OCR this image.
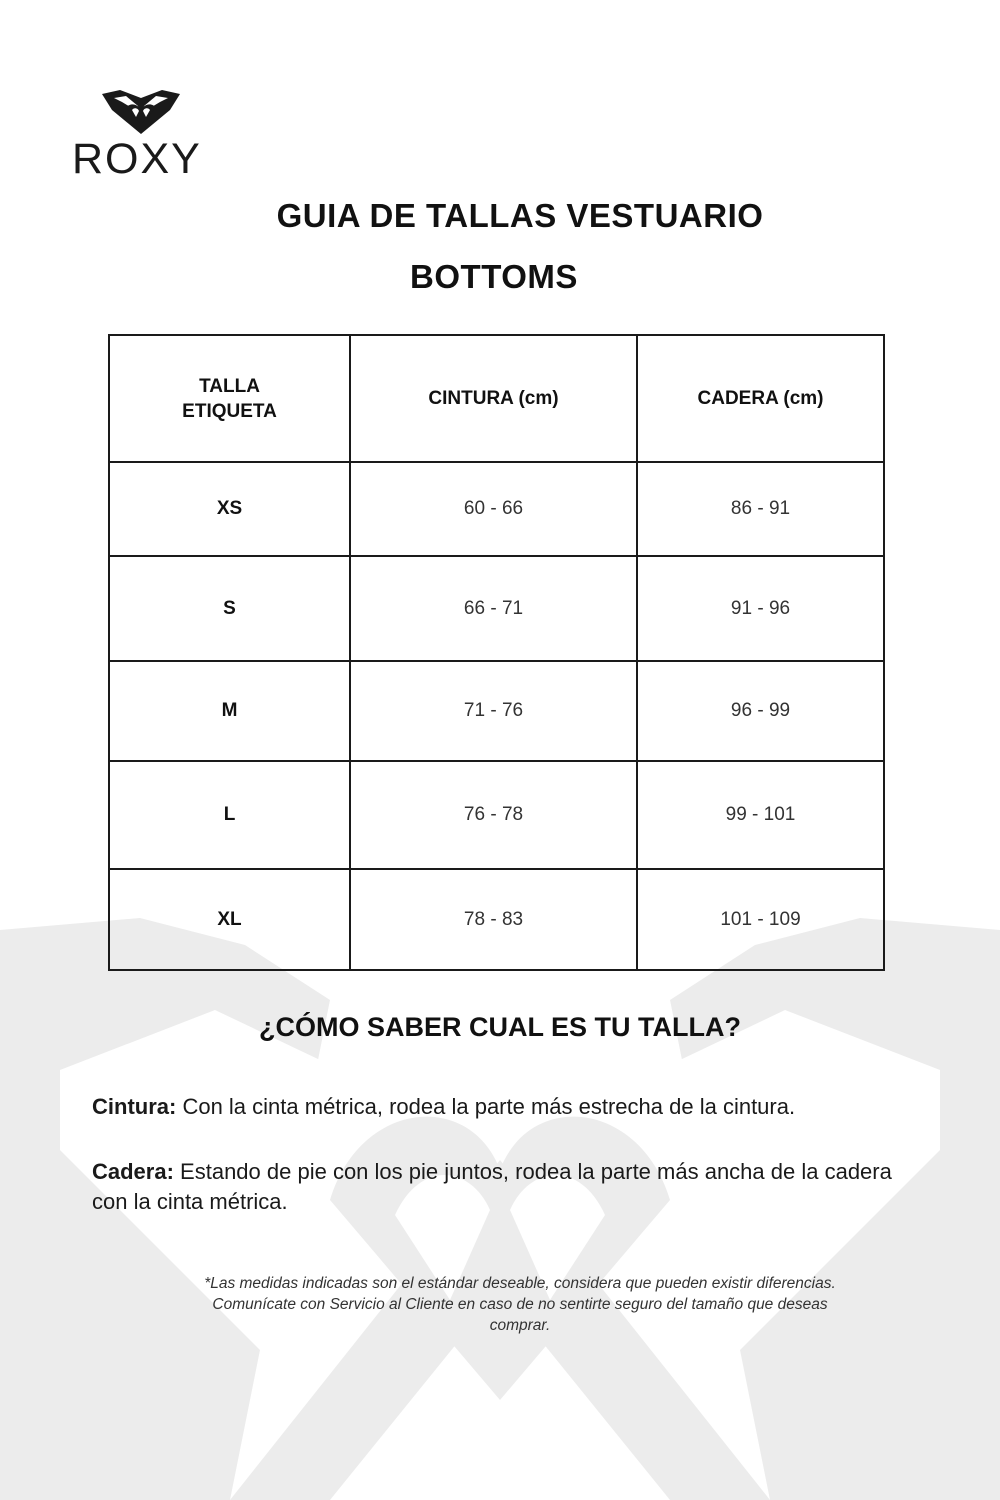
ROXY
GUIA DE TALLAS VESTUARIO
BOTTOMS
TALLA ETIQUETA	CINTURA (cm)	CADERA (cm)
XS	60 - 66	86 - 91
S	66 - 71	91 - 96
M	71 - 76	96 - 99
L	76 - 78	99 - 101
XL	78 - 83	101 - 109
¿CÓMO SABER CUAL ES TU TALLA?
Cintura: Con la cinta métrica, rodea la parte más estrecha de la cintura.
Cadera: Estando de pie con los pie juntos, rodea la parte más ancha de la cadera con la cinta métrica.
*Las medidas indicadas son el estándar deseable, considera que pueden existir diferencias. Comunícate con Servicio al Cliente en caso de no sentirte seguro del tamaño que deseas comprar.
